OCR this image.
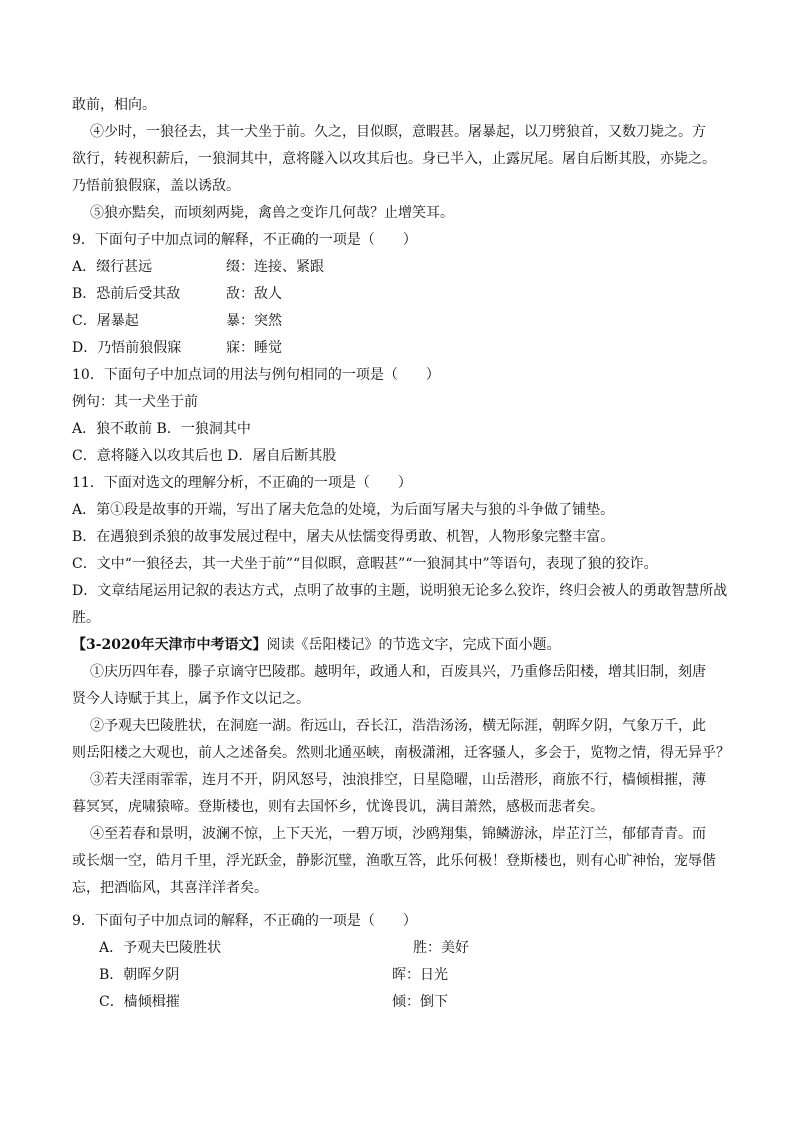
敢前，相向。
④少时，一狼径去，其一犬坐于前。久之，目似瞑，意暇甚。屠暴起，以刀劈狼首，又数刀毙之。方
欲行，转视积薪后，一狼洞其中，意将隧入以攻其后也。身已半入，止露尻尾。屠自后断其股，亦毙之。
乃悟前狼假寐，盖以诱敌。
⑤狼亦黠矣，而顷刻两毙，禽兽之变诈几何哉？止增笑耳。
9．下面句子中加点词的解释，不正确的一项是（　　）
A．缀行甚远	缀：连接、紧跟
B．恐前后受其敌	敌：敌人
C．屠暴起	暴：突然
D．乃悟前狼假寐	寐：睡觉
10．下面句子中加点词的用法与例句相同的一项是（　　）
例句：其一犬坐于前
A．狼不敢前 B．一狼洞其中
C．意将隧入以攻其后也 D．屠自后断其股
11．下面对选文的理解分析，不正确的一项是（　　）
A．第①段是故事的开端，写出了屠夫危急的处境，为后面写屠夫与狼的斗争做了铺垫。
B．在遇狼到杀狼的故事发展过程中，屠夫从怯懦变得勇敢、机智，人物形象完整丰富。
C．文中“一狼径去，其一犬坐于前”“目似瞑，意暇甚”“一狼洞其中”等语句，表现了狼的狡诈。
D．文章结尾运用记叙的表达方式，点明了故事的主题，说明狼无论多么狡诈，终归会被人的勇敢智慧所战
胜。
【3-2020年天津市中考语文】阅读《岳阳楼记》的节选文字，完成下面小题。
①庆历四年春，滕子京谪守巴陵郡。越明年，政通人和，百废具兴，乃重修岳阳楼，增其旧制，刻唐
贤今人诗赋于其上，属予作文以记之。
②予观夫巴陵胜状，在洞庭一湖。衔远山，吞长江，浩浩汤汤，横无际涯，朝晖夕阴，气象万千，此
则岳阳楼之大观也，前人之述备矣。然则北通巫峡，南极潇湘，迁客骚人，多会于，览物之情，得无异乎？
③若夫淫雨霏霏，连月不开，阴风怒号，浊浪排空，日星隐曜，山岳潜形，商旅不行，樯倾楫摧，薄
暮冥冥，虎啸猿啼。登斯楼也，则有去国怀乡，忧谗畏讥，满目萧然，感极而悲者矣。
④至若春和景明，波澜不惊，上下天光，一碧万顷，沙鸥翔集，锦鳞游泳，岸芷汀兰，郁郁青青。而
或长烟一空，皓月千里，浮光跃金，静影沉璧，渔歌互答，此乐何极！登斯楼也，则有心旷神怡，宠辱偕
忘，把酒临风，其喜洋洋者矣。
9．下面句子中加点词的解释，不正确的一项是（　　）
A．予观夫巴陵胜状	胜：美好
B．朝晖夕阴	晖：日光
C．樯倾楫摧	倾：倒下
